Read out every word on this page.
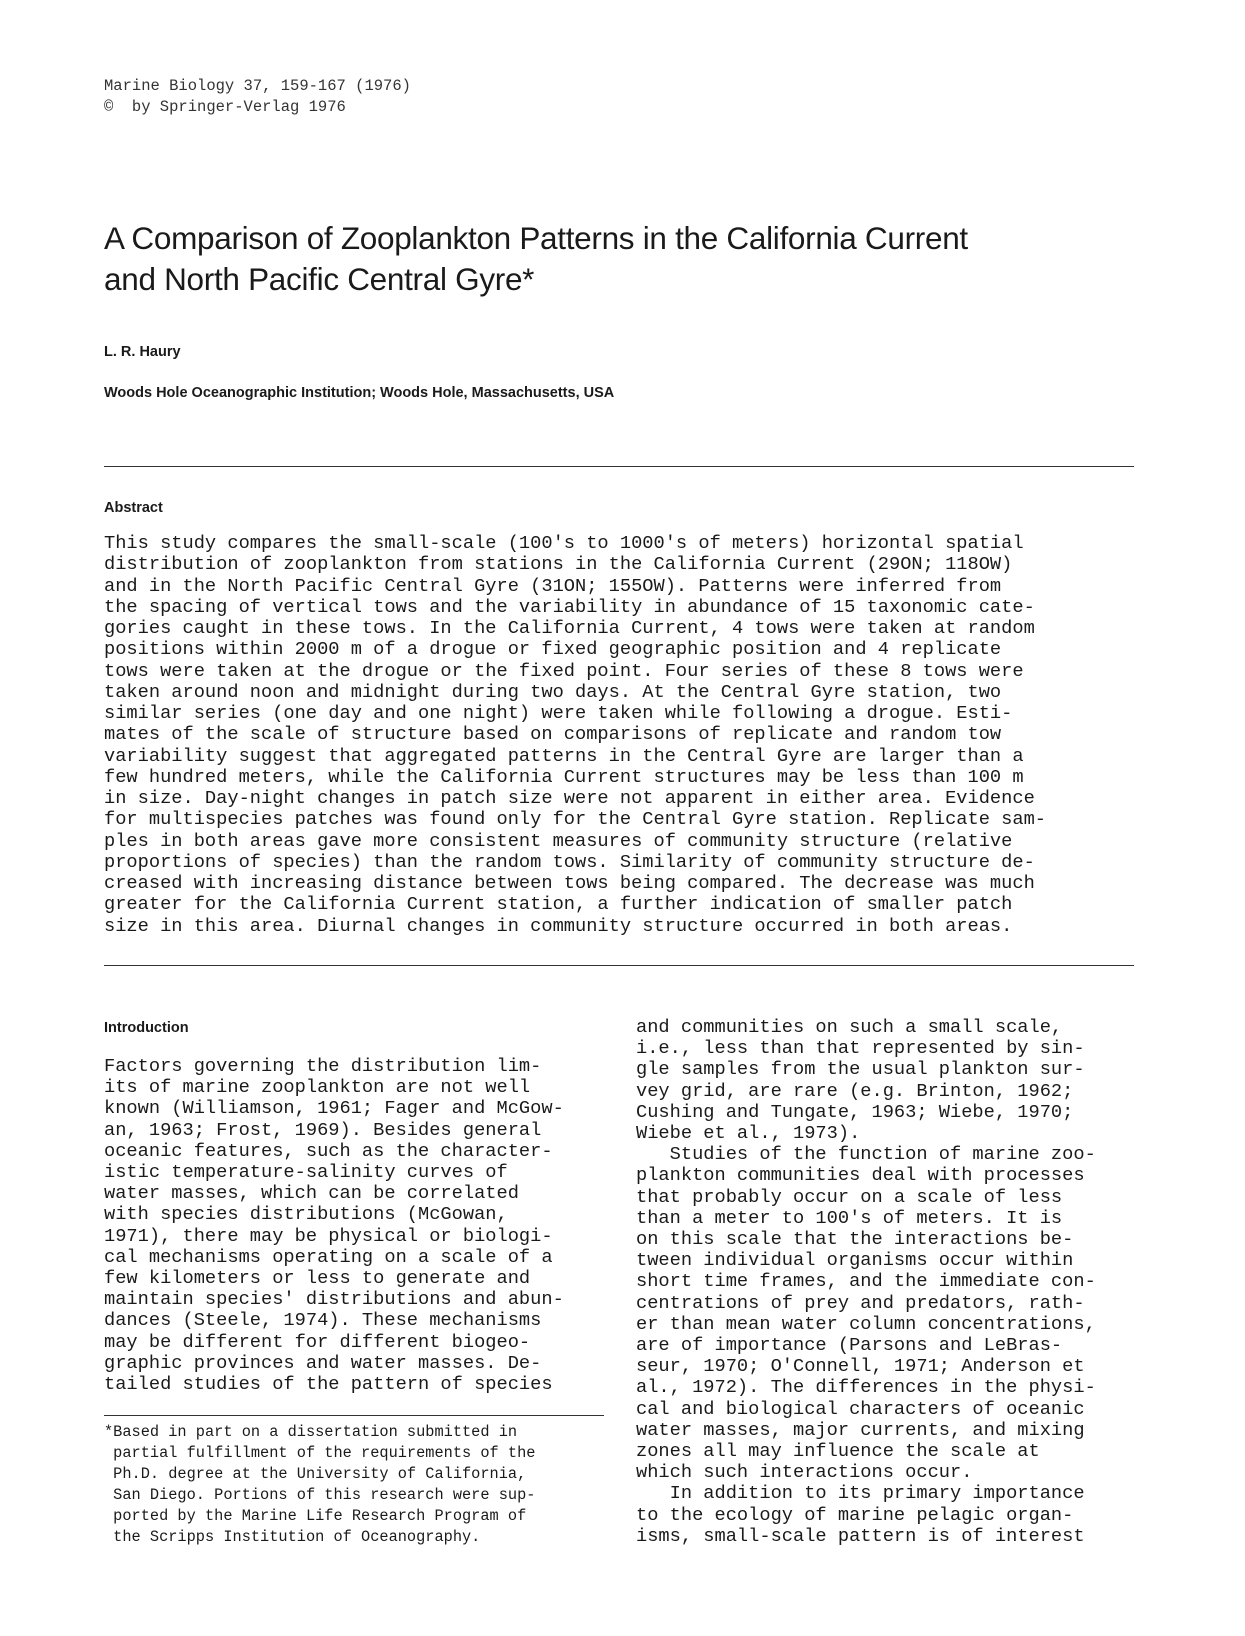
Marine Biology 37, 159-167 (1976)
©  by Springer-Verlag 1976
A Comparison of Zooplankton Patterns in the California Current
and North Pacific Central Gyre*
L. R. Haury
Woods Hole Oceanographic Institution; Woods Hole, Massachusetts, USA
Abstract
This study compares the small-scale (100's to 1000's of meters) horizontal spatial
distribution of zooplankton from stations in the California Current (29ON; 118OW)
and in the North Pacific Central Gyre (31ON; 155OW). Patterns were inferred from
the spacing of vertical tows and the variability in abundance of 15 taxonomic cate-
gories caught in these tows. In the California Current, 4 tows were taken at random
positions within 2000 m of a drogue or fixed geographic position and 4 replicate
tows were taken at the drogue or the fixed point. Four series of these 8 tows were
taken around noon and midnight during two days. At the Central Gyre station, two
similar series (one day and one night) were taken while following a drogue. Esti-
mates of the scale of structure based on comparisons of replicate and random tow
variability suggest that aggregated patterns in the Central Gyre are larger than a
few hundred meters, while the California Current structures may be less than 100 m
in size. Day-night changes in patch size were not apparent in either area. Evidence
for multispecies patches was found only for the Central Gyre station. Replicate sam-
ples in both areas gave more consistent measures of community structure (relative
proportions of species) than the random tows. Similarity of community structure de-
creased with increasing distance between tows being compared. The decrease was much
greater for the California Current station, a further indication of smaller patch
size in this area. Diurnal changes in community structure occurred in both areas.
Introduction
Factors governing the distribution lim-
its of marine zooplankton are not well
known (Williamson, 1961; Fager and McGow-
an, 1963; Frost, 1969). Besides general
oceanic features, such as the character-
istic temperature-salinity curves of
water masses, which can be correlated
with species distributions (McGowan,
1971), there may be physical or biologi-
cal mechanisms operating on a scale of a
few kilometers or less to generate and
maintain species' distributions and abun-
dances (Steele, 1974). These mechanisms
may be different for different biogeo-
graphic provinces and water masses. De-
tailed studies of the pattern of species
*Based in part on a dissertation submitted in
partial fulfillment of the requirements of the
Ph.D. degree at the University of California,
San Diego. Portions of this research were sup-
ported by the Marine Life Research Program of
the Scripps Institution of Oceanography.
and communities on such a small scale,
i.e., less than that represented by sin-
gle samples from the usual plankton sur-
vey grid, are rare (e.g. Brinton, 1962;
Cushing and Tungate, 1963; Wiebe, 1970;
Wiebe et al., 1973).
Studies of the function of marine zoo-
plankton communities deal with processes
that probably occur on a scale of less
than a meter to 100's of meters. It is
on this scale that the interactions be-
tween individual organisms occur within
short time frames, and the immediate con-
centrations of prey and predators, rath-
er than mean water column concentrations,
are of importance (Parsons and LeBras-
seur, 1970; O'Connell, 1971; Anderson et
al., 1972). The differences in the physi-
cal and biological characters of oceanic
water masses, major currents, and mixing
zones all may influence the scale at
which such interactions occur.
In addition to its primary importance
to the ecology of marine pelagic organ-
isms, small-scale pattern is of interest
